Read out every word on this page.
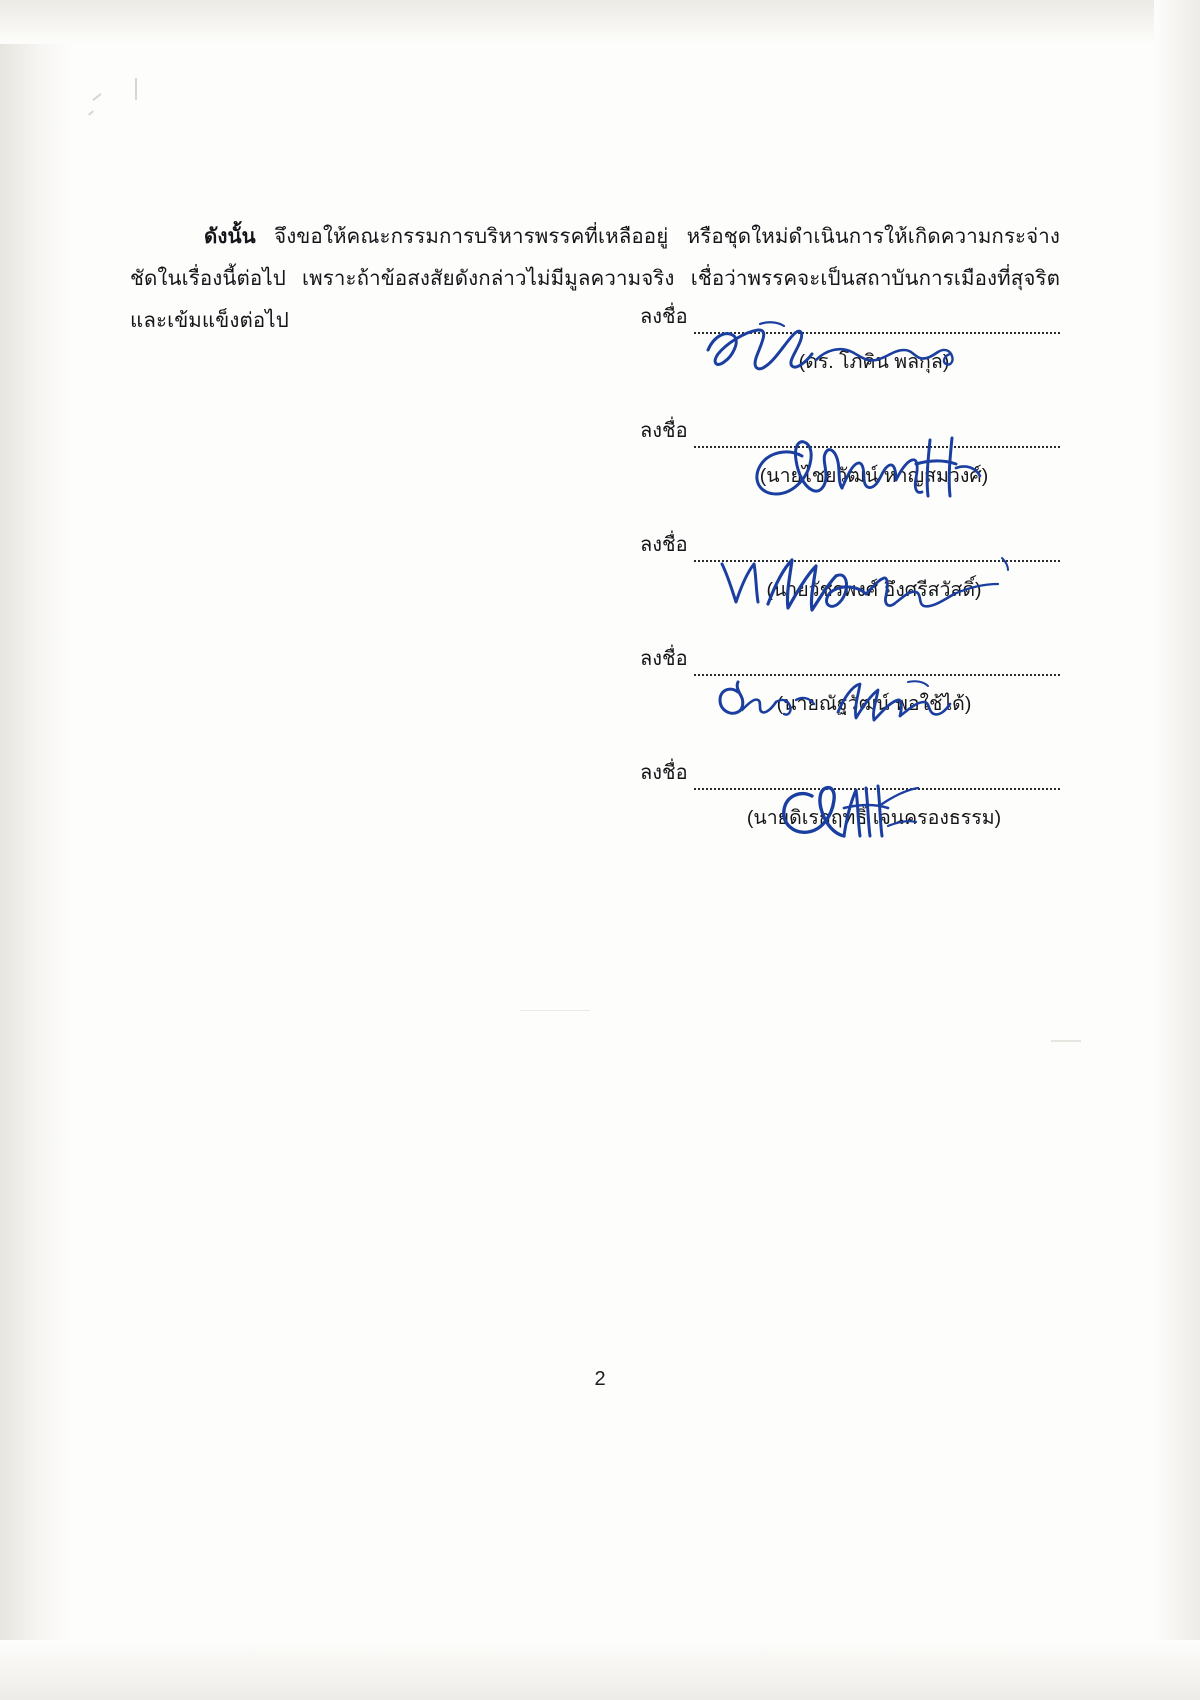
ดังนั้น จึงขอให้คณะกรรมการบริหารพรรคที่เหลืออยู่ หรือชุดใหม่ดำเนินการให้เกิดความกระจ่างชัดในเรื่องนี้ต่อไป เพราะถ้าข้อสงสัยดังกล่าวไม่มีมูลความจริง เชื่อว่าพรรคจะเป็นสถาบันการเมืองที่สุจริต และเข้มแข็งต่อไป	ลงชื่อ
(ดร. โภคิน พลกุล)
ลงชื่อ
(นายไชยวัฒน์ หาญสมวงศ์)
ลงชื่อ
(นายวัชรพงศ์ อึงศรีสวัสดิ์)
ลงชื่อ
(นายณัฐวัฒน์ พอใช้ได้)
ลงชื่อ
(นายดิเรกฤทธิ์ เจนครองธรรม)
2
